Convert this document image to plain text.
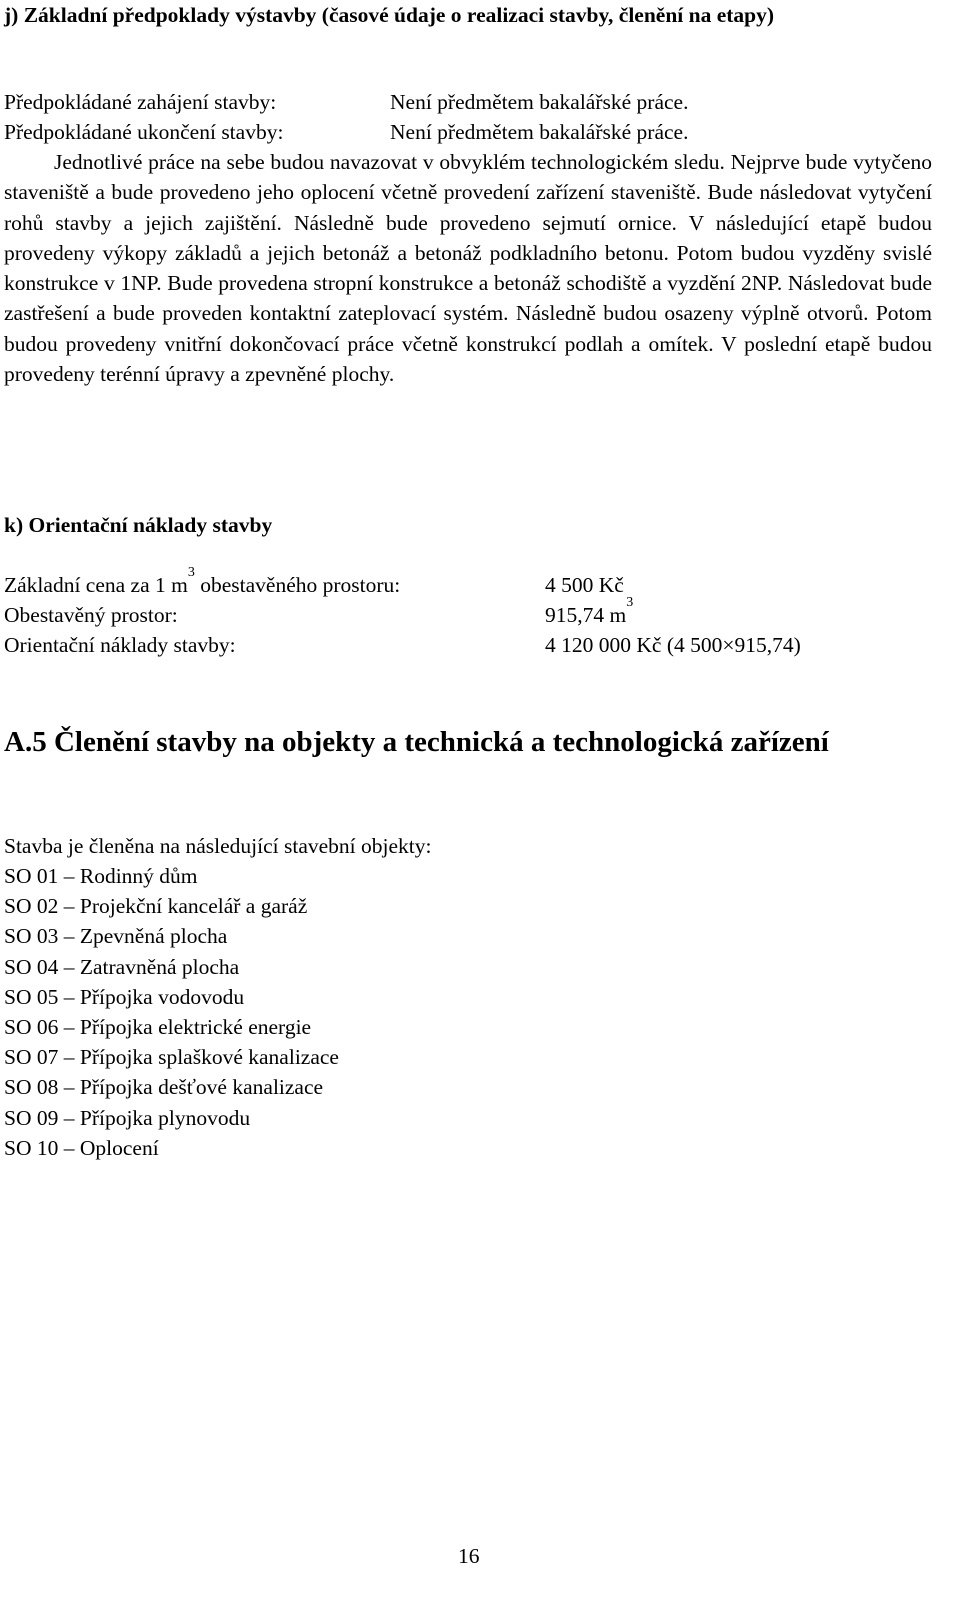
j) Základní předpoklady výstavby (časové údaje o realizaci stavby, členění na etapy)
Předpokládané zahájení stavby:	Není předmětem bakalářské práce.
Předpokládané ukončení stavby:	Není předmětem bakalářské práce.
Jednotlivé práce na sebe budou navazovat v obvyklém technologickém sledu. Nejprve bude vytyčeno staveniště a bude provedeno jeho oplocení včetně provedení zařízení staveniště. Bude následovat vytyčení rohů stavby a jejich zajištění. Následně bude provedeno sejmutí ornice. V následující etapě budou provedeny výkopy základů a jejich betonáž a betonáž podkladního betonu. Potom budou vyzděny svislé konstrukce v 1NP. Bude provedena stropní konstrukce a betonáž schodiště a vyzdění 2NP. Následovat bude zastřešení a bude proveden kontaktní zateplovací systém. Následně budou osazeny výplně otvorů. Potom budou provedeny vnitřní dokončovací práce včetně konstrukcí podlah a omítek. V poslední etapě budou provedeny terénní úpravy a zpevněné plochy.
k) Orientační náklady stavby
Základní cena za 1 $m^3$ obestavěného prostoru:	4 500 Kč
Obestavěný prostor:	915,74 $m^3$
Orientační náklady stavby:	4 120 000 Kč (4 500×915,74)
A.5 Členění stavby na objekty a technická a technologická zařízení
Stavba je členěna na následující stavební objekty:
SO 01 – Rodinný dům
SO 02 – Projekční kancelář a garáž
SO 03 – Zpevněná plocha
SO 04 – Zatravněná plocha
SO 05 – Přípojka vodovodu
SO 06 – Přípojka elektrické energie
SO 07 – Přípojka splaškové kanalizace
SO 08 – Přípojka dešťové kanalizace
SO 09 – Přípojka plynovodu
SO 10 – Oplocení
16
